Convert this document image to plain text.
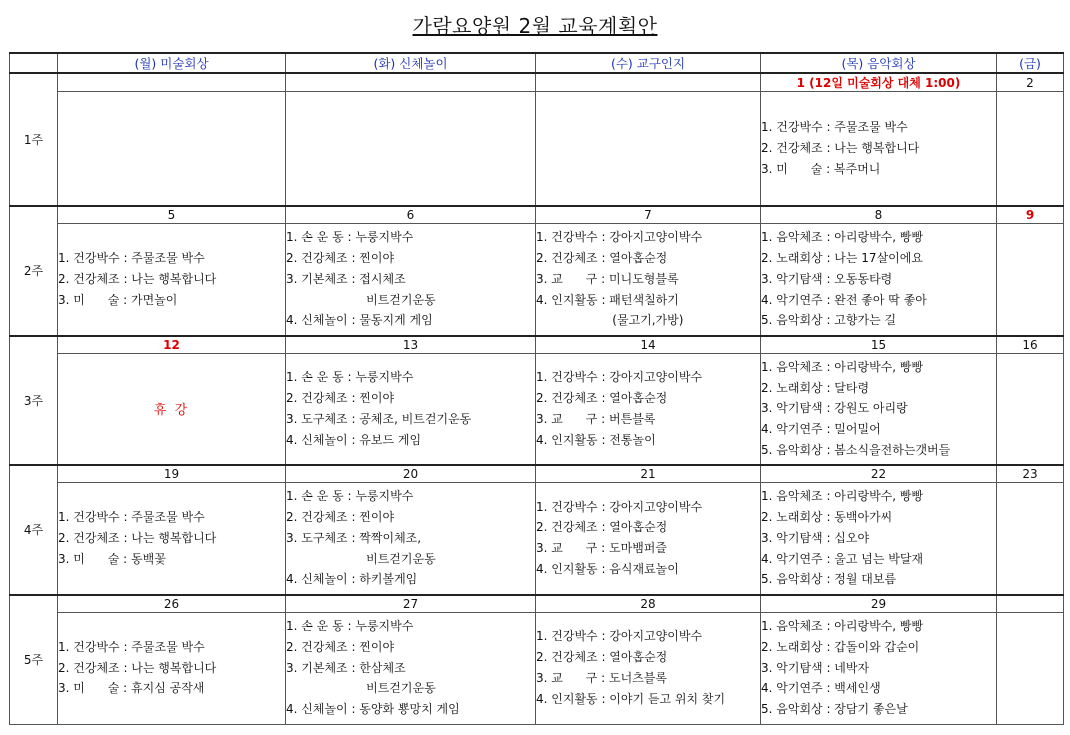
가람요양원 2월 교육계획안
	(월) 미술회상	(화) 신체놀이	(수) 교구인지	(목) 음악회상	(금)
1주				1 (12일 미술회상 대체 1:00)	2
				1. 건강박수 : 주물조물 박수
2. 건강체조 : 나는 행복합니다
3. 미      술 : 복주머니	
2주	5	6	7	8	9
	1. 건강박수 : 주물조물 박수
2. 건강체조 : 나는 행복합니다
3. 미      술 : 가면놀이	1. 손 운 동 : 누룽지박수
2. 건강체조 : 찐이야
3. 기본체조 : 접시체조
비트걷기운동
4. 신체놀이 : 물동지게 게임	1. 건강박수 : 강아지고양이박수
2. 건강체조 : 열아홉순정
3. 교      구 : 미니도형블록
4. 인지활동 : 패턴색칠하기
(물고기,가방)	1. 음악체조 : 아리랑박수, 빵빵
2. 노래회상 : 나는 17살이에요
3. 악기탐색 : 오동동타령
4. 악기연주 : 완전 좋아 딱 좋아
5. 음악회상 : 고향가는 길	
3주	12	13	14	15	16
	휴 강	1. 손 운 동 : 누룽지박수
2. 건강체조 : 찐이야
3. 도구체조 : 공체조, 비트걷기운동
4. 신체놀이 : 유보드 게임	1. 건강박수 : 강아지고양이박수
2. 건강체조 : 열아홉순정
3. 교      구 : 버튼블록
4. 인지활동 : 전통놀이	1. 음악체조 : 아리랑박수, 빵빵
2. 노래회상 : 달타령
3. 악기탐색 : 강원도 아리랑
4. 악기연주 : 밀어밀어
5. 음악회상 : 봄소식을전하는갯버들	
4주	19	20	21	22	23
	1. 건강박수 : 주물조물 박수
2. 건강체조 : 나는 행복합니다
3. 미      술 : 동백꽃	1. 손 운 동 : 누룽지박수
2. 건강체조 : 찐이야
3. 도구체조 : 짝짝이체조,
비트걷기운동
4. 신체놀이 : 하키볼게임	1. 건강박수 : 강아지고양이박수
2. 건강체조 : 열아홉순정
3. 교      구 : 도마뱀퍼즐
4. 인지활동 : 음식재료놀이	1. 음악체조 : 아리랑박수, 빵빵
2. 노래회상 : 동백아가씨
3. 악기탐색 : 십오야
4. 악기연주 : 울고 넘는 박달재
5. 음악회상 : 정월 대보름	
5주	26	27	28	29	
	1. 건강박수 : 주물조물 박수
2. 건강체조 : 나는 행복합니다
3. 미      술 : 휴지심 공작새	1. 손 운 동 : 누룽지박수
2. 건강체조 : 찐이야
3. 기본체조 : 한삼체조
비트걷기운동
4. 신체놀이 : 동양화 뿅망치 게임	1. 건강박수 : 강아지고양이박수
2. 건강체조 : 열아홉순정
3. 교      구 : 도너츠블록
4. 인지활동 : 이야기 듣고 위치 찾기	1. 음악체조 : 아리랑박수, 빵빵
2. 노래회상 : 갑돌이와 갑순이
3. 악기탐색 : 네박자
4. 악기연주 : 백세인생
5. 음악회상 : 장담기 좋은날	
